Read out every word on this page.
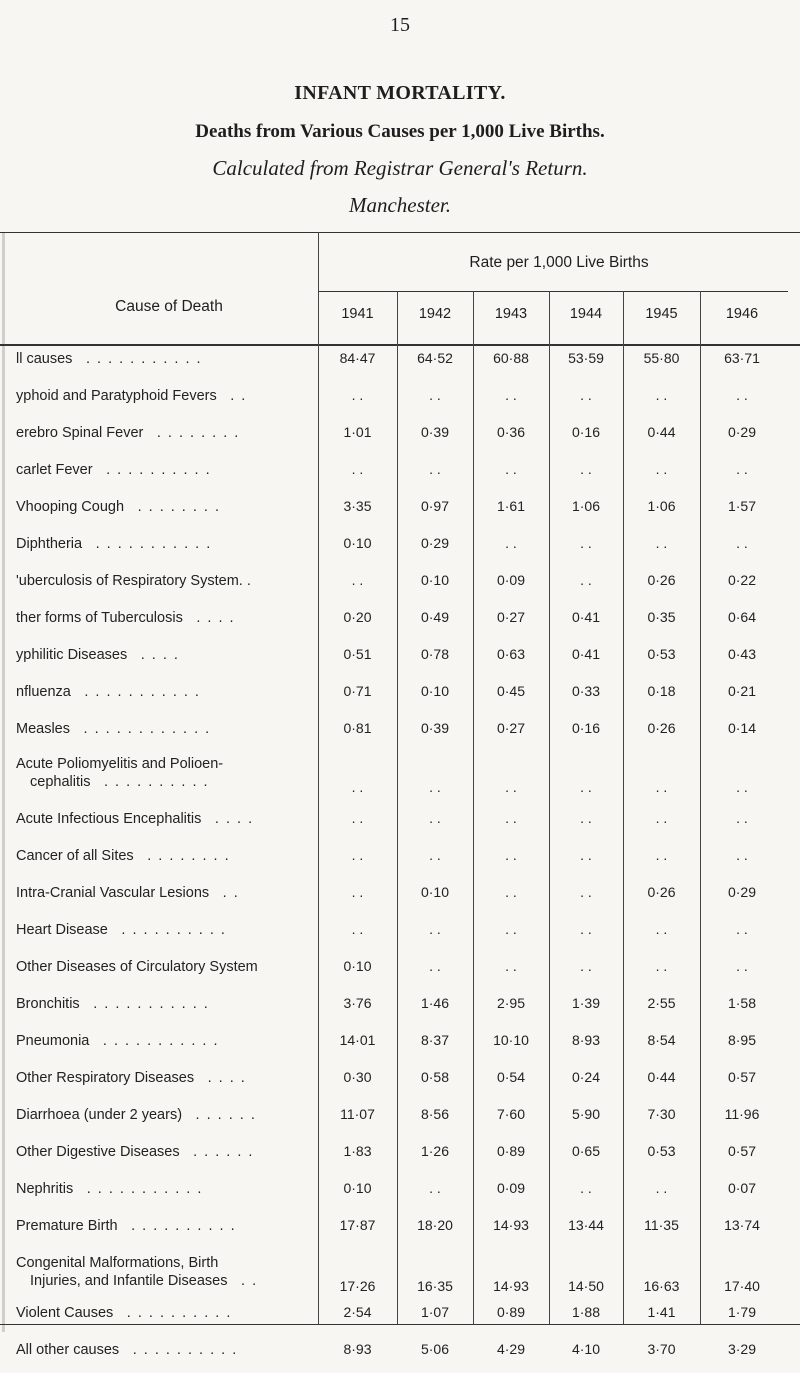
15
INFANT MORTALITY.
Deaths from Various Causes per 1,000 Live Births.
Calculated from Registrar General's Return.
Manchester.
Cause of Death
Rate per 1,000 Live Births
1941	1942	1943	1944	1945	1946
ll causes . . . . . . . . . . .	84·47	64·52	60·88	53·59	55·80	63·71
yphoid and Paratyphoid Fevers . .	. .	. .	. .	. .	. .	. .
erebro Spinal Fever . . . . . . . .	1·01	0·39	0·36	0·16	0·44	0·29
carlet Fever . . . . . . . . . .	. .	. .	. .	. .	. .	. .
Vhooping Cough . . . . . . . .	3·35	0·97	1·61	1·06	1·06	1·57
Diphtheria . . . . . . . . . . .	0·10	0·29	. .	. .	. .	. .
'uberculosis of Respiratory System. .	. .	0·10	0·09	. .	0·26	0·22
ther forms of Tuberculosis . . . .	0·20	0·49	0·27	0·41	0·35	0·64
yphilitic Diseases . . . .	0·51	0·78	0·63	0·41	0·53	0·43
nfluenza . . . . . . . . . . .	0·71	0·10	0·45	0·33	0·18	0·21
Measles . . . . . . . . . . . .	0·81	0·39	0·27	0·16	0·26	0·14
Acute Poliomyelitis and Polioen-
cephalitis . . . . . . . . . .	. .	. .	. .	. .	. .	. .
Acute Infectious Encephalitis . . . .	. .	. .	. .	. .	. .	. .
Cancer of all Sites . . . . . . . .	. .	. .	. .	. .	. .	. .
Intra-Cranial Vascular Lesions . .	. .	0·10	. .	. .	0·26	0·29
Heart Disease . . . . . . . . . .	. .	. .	. .	. .	. .	. .
Other Diseases of Circulatory System	0·10	. .	. .	. .	. .	. .
Bronchitis . . . . . . . . . . .	3·76	1·46	2·95	1·39	2·55	1·58
Pneumonia . . . . . . . . . . .	14·01	8·37	10·10	8·93	8·54	8·95
Other Respiratory Diseases . . . .	0·30	0·58	0·54	0·24	0·44	0·57
Diarrhoea (under 2 years) . . . . . .	11·07	8·56	7·60	5·90	7·30	11·96
Other Digestive Diseases . . . . . .	1·83	1·26	0·89	0·65	0·53	0·57
Nephritis . . . . . . . . . . .	0·10	. .	0·09	. .	. .	0·07
Premature Birth . . . . . . . . . .	17·87	18·20	14·93	13·44	11·35	13·74
Congenital Malformations, Birth
Injuries, and Infantile Diseases . .	17·26	16·35	14·93	14·50	16·63	17·40
Violent Causes . . . . . . . . . .	2·54	1·07	0·89	1·88	1·41	1·79
All other causes . . . . . . . . . .	8·93	5·06	4·29	4·10	3·70	3·29
